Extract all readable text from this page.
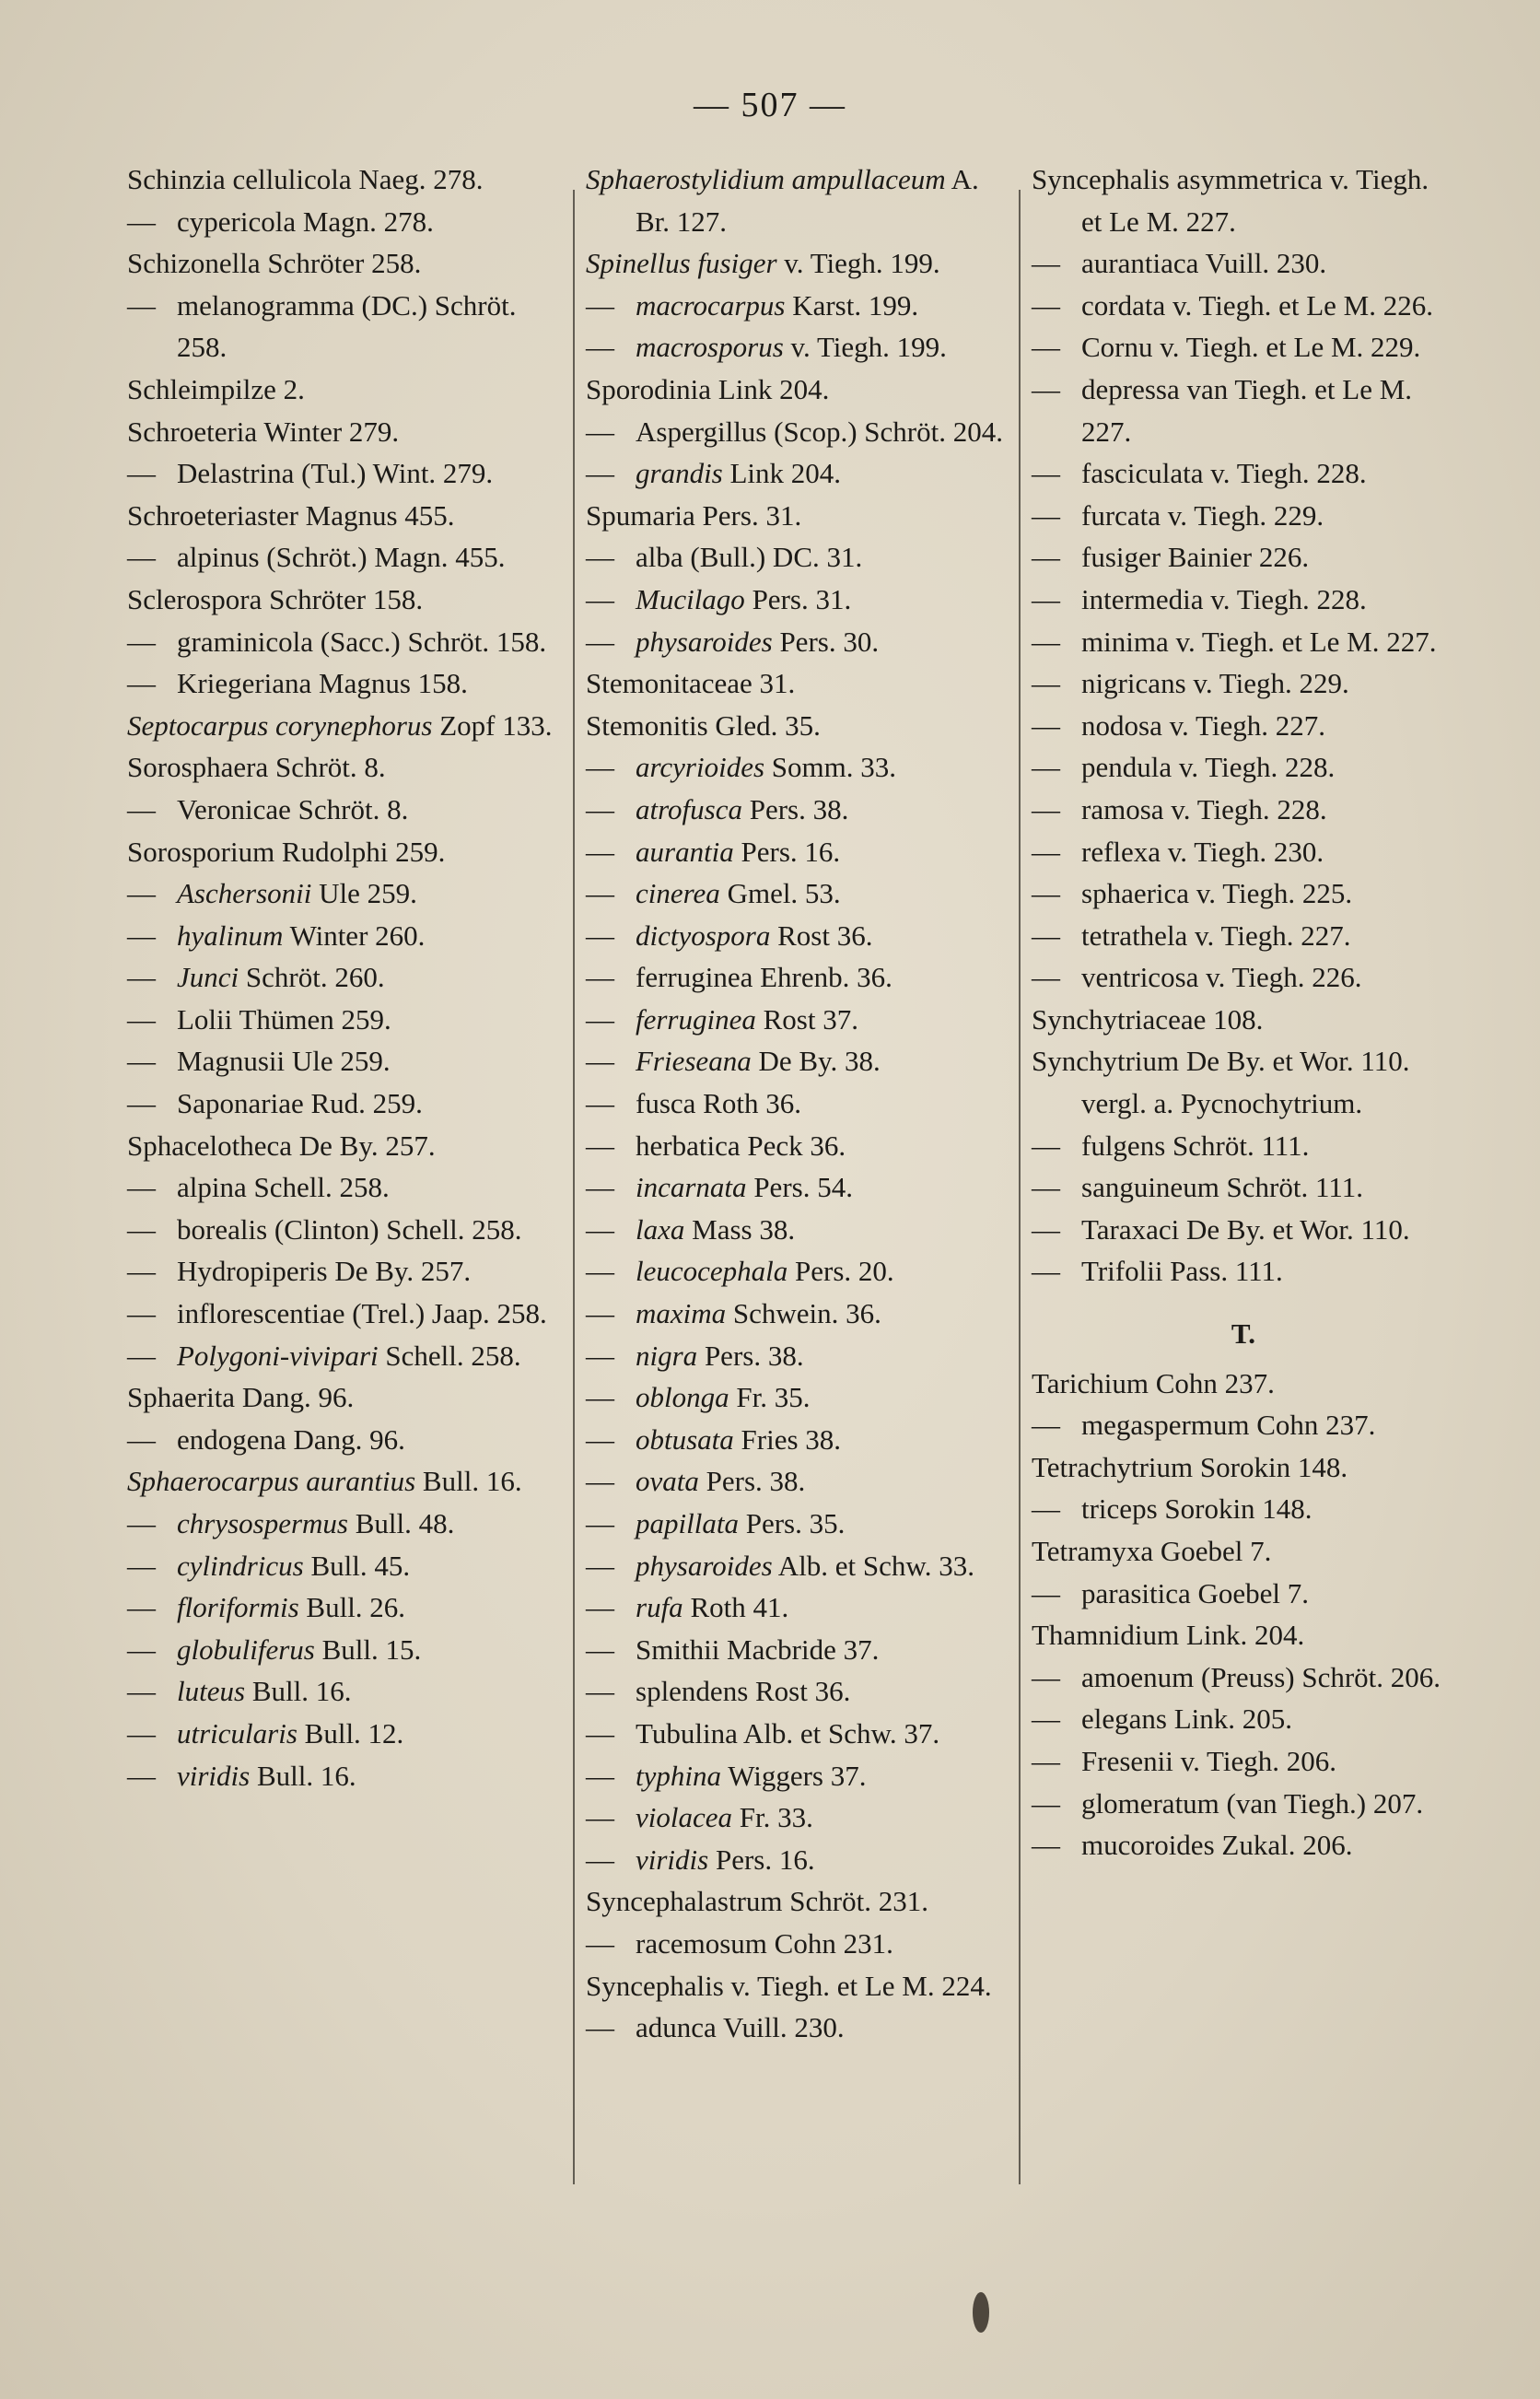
— 507 —
Schinzia cellulicola Naeg. 278.
— cypericola Magn. 278.
Schizonella Schröter 258.
— melanogramma (DC.) Schröt. 258.
Schleimpilze 2.
Schroeteria Winter 279.
— Delastrina (Tul.) Wint. 279.
Schroeteriaster Magnus 455.
— alpinus (Schröt.) Magn. 455.
Sclerospora Schröter 158.
— graminicola (Sacc.) Schröt. 158.
— Kriegeriana Magnus 158.
Septocarpus corynephorus Zopf 133.
Sorosphaera Schröt. 8.
— Veronicae Schröt. 8.
Sorosporium Rudolphi 259.
— Aschersonii Ule 259.
— hyalinum Winter 260.
— Junci Schröt. 260.
— Lolii Thümen 259.
— Magnusii Ule 259.
— Saponariae Rud. 259.
Sphacelotheca De By. 257.
— alpina Schell. 258.
— borealis (Clinton) Schell. 258.
— Hydropiperis De By. 257.
— inflorescentiae (Trel.) Jaap. 258.
— Polygoni-vivipari Schell. 258.
Sphaerita Dang. 96.
— endogena Dang. 96.
Sphaerocarpus aurantius Bull. 16.
— chrysospermus Bull. 48.
— cylindricus Bull. 45.
— floriformis Bull. 26.
— globuliferus Bull. 15.
— luteus Bull. 16.
— utricularis Bull. 12.
— viridis Bull. 16.
Sphaerostylidium ampullaceum A. Br. 127.
Spinellus fusiger v. Tiegh. 199.
— macrocarpus Karst. 199.
— macrosporus v. Tiegh. 199.
Sporodinia Link 204.
— Aspergillus (Scop.) Schröt. 204.
— grandis Link 204.
Spumaria Pers. 31.
— alba (Bull.) DC. 31.
— Mucilago Pers. 31.
— physaroides Pers. 30.
Stemonitaceae 31.
Stemonitis Gled. 35.
— arcyrioides Somm. 33.
— atrofusca Pers. 38.
— aurantia Pers. 16.
— cinerea Gmel. 53.
— dictyospora Rost 36.
— ferruginea Ehrenb. 36.
— ferruginea Rost 37.
— Frieseana De By. 38.
— fusca Roth 36.
— herbatica Peck 36.
— incarnata Pers. 54.
— laxa Mass 38.
— leucocephala Pers. 20.
— maxima Schwein. 36.
— nigra Pers. 38.
— oblonga Fr. 35.
— obtusata Fries 38.
— ovata Pers. 38.
— papillata Pers. 35.
— physaroides Alb. et Schw. 33.
— rufa Roth 41.
— Smithii Macbride 37.
— splendens Rost 36.
— Tubulina Alb. et Schw. 37.
— typhina Wiggers 37.
— violacea Fr. 33.
— viridis Pers. 16.
Syncephalastrum Schröt. 231.
— racemosum Cohn 231.
Syncephalis v. Tiegh. et Le M. 224.
— adunca Vuill. 230.
Syncephalis asymmetrica v. Tiegh. et Le M. 227.
— aurantiaca Vuill. 230.
— cordata v. Tiegh. et Le M. 226.
— Cornu v. Tiegh. et Le M. 229.
— depressa van Tiegh. et Le M. 227.
— fasciculata v. Tiegh. 228.
— furcata v. Tiegh. 229.
— fusiger Bainier 226.
— intermedia v. Tiegh. 228.
— minima v. Tiegh. et Le M. 227.
— nigricans v. Tiegh. 229.
— nodosa v. Tiegh. 227.
— pendula v. Tiegh. 228.
— ramosa v. Tiegh. 228.
— reflexa v. Tiegh. 230.
— sphaerica v. Tiegh. 225.
— tetrathela v. Tiegh. 227.
— ventricosa v. Tiegh. 226.
Synchytriaceae 108.
Synchytrium De By. et Wor. 110.
vergl. a. Pycnochytrium.
— fulgens Schröt. 111.
— sanguineum Schröt. 111.
— Taraxaci De By. et Wor. 110.
— Trifolii Pass. 111.
T.
Tarichium Cohn 237.
— megaspermum Cohn 237.
Tetrachytrium Sorokin 148.
— triceps Sorokin 148.
Tetramyxa Goebel 7.
— parasitica Goebel 7.
Thamnidium Link. 204.
— amoenum (Preuss) Schröt. 206.
— elegans Link. 205.
— Fresenii v. Tiegh. 206.
— glomeratum (van Tiegh.) 207.
— mucoroides Zukal. 206.
